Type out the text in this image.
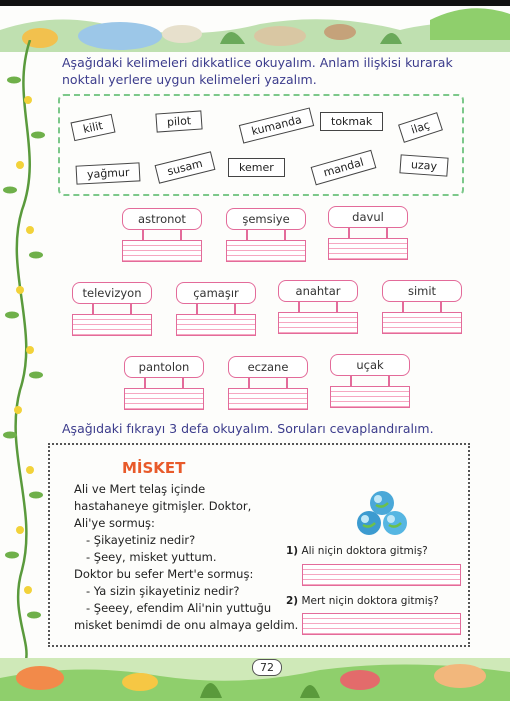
Aşağıdaki kelimeleri dikkatlice okuyalım. Anlam ilişkisi kurarak noktalı yerlere uygun kelimeleri yazalım.
kilit	pilot	kumanda	tokmak	ilaç
yağmur	susam	kemer	mandal	uzay
astronot	şemsiye	davul
televizyon	çamaşır	anahtar	simit
pantolon	eczane	uçak
Aşağıdaki fıkrayı 3 defa okuyalım. Soruları cevaplandıralım.
MİSKET
Ali ve Mert telaş içinde
hastahaneye gitmişler. Doktor,
Ali'ye sormuş:
- Şikayetiniz nedir?
- Şeey, misket yuttum.
Doktor bu sefer Mert'e sormuş:
- Ya sizin şikayetiniz nedir?
- Şeeey, efendim Ali'nin yuttuğu
misket benimdi de onu almaya geldim.
1) Ali niçin doktora gitmiş?
2) Mert niçin doktora gitmiş?
72
